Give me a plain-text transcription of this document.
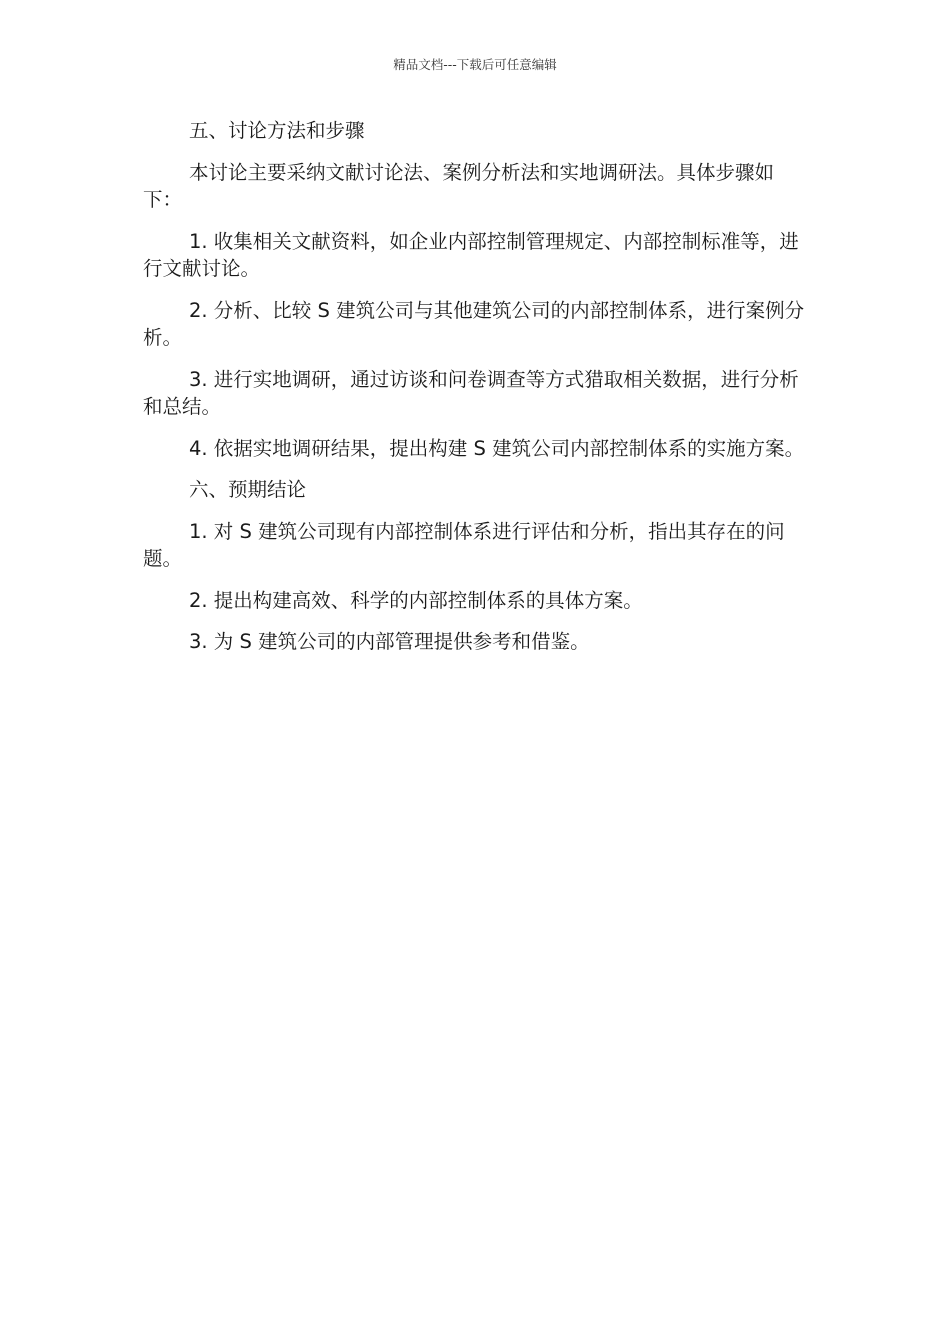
精品文档---下载后可任意编辑

五、讨论方法和步骤

本讨论主要采纳文献讨论法、案例分析法和实地调研法。具体步骤如下：

1. 收集相关文献资料，如企业内部控制管理规定、内部控制标准等，进行文献讨论。

2. 分析、比较 S 建筑公司与其他建筑公司的内部控制体系，进行案例分析。

3. 进行实地调研，通过访谈和问卷调查等方式猎取相关数据，进行分析和总结。

4. 依据实地调研结果，提出构建 S 建筑公司内部控制体系的实施方案。

六、预期结论

1. 对 S 建筑公司现有内部控制体系进行评估和分析，指出其存在的问题。

2. 提出构建高效、科学的内部控制体系的具体方案。

3. 为 S 建筑公司的内部管理提供参考和借鉴。
